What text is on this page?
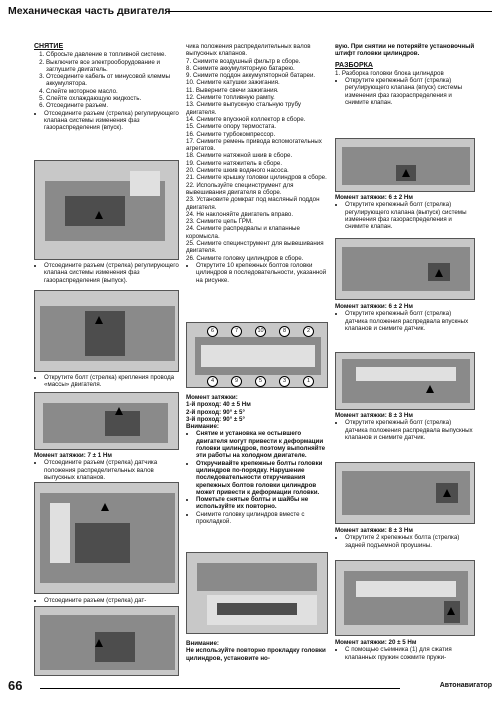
Механическая часть двигателя
СНЯТИЕ
1. Сбросьте давление в топливной системе.
2. Выключите все электрооборудование и заглушите двигатель.
3. Отсоедините кабель от минусовой клеммы аккумулятора.
4. Слейте моторное масло.
5. Слейте охлаждающую жидкость.
6. Отсоедините разъем.
• Отсоедините разъем (стрелка) регулирующего клапана системы изменения фаз газораспределения (впуск).
• Отсоедините разъем (стрелка) регулирующего клапана системы изменения фаз газораспределения (выпуск).
• Открутите болт (стрелка) крепления провода «массы» двигателя.
Момент затяжки: 7 ± 1 Нм
• Отсоедините разъем (стрелка) датчика положения распределительных валов выпускных клапанов.
• Отсоедините разъем (стрелка) дат-
чика положения распределительных валов выпускных клапанов.
7. Снимите воздушный фильтр в сборе.
8. Снимите аккумуляторную батарею.
9. Снимите поддон аккумуляторной батареи.
10. Снимите катушки зажигания.
11. Выверните свечи зажигания.
12. Снимите топливную рампу.
13. Снимите выпускную стальную трубу двигателя.
14. Снимите впускной коллектор в сборе.
15. Снимите опору термостата.
16. Снимите турбокомпрессор.
17. Снимите ремень привода вспомогательных агрегатов.
18. Снимите натяжной шкив в сборе.
19. Снимите натяжитель в сборе.
20. Снимите шкив водяного насоса.
21. Снимите крышку головки цилиндров в сборе.
22. Используйте специнструмент для вывешивания двигателя в сборе.
23. Установите домкрат под масляный поддон двигателя.
24. Не наклоняйте двигатель вправо.
23. Снимите цепь ГРМ.
24. Снимите распредвалы и клапанные коромысла.
25. Снимите специнструмент для вывешивания двигателя.
26. Снимите головку цилиндров в сборе.
• Открутите 10 крепежных болтов головки цилиндров в последовательности, указанной на рисунке.
6	7	10	8	2
4	9	5	3	1
Момент затяжки:
1-й проход: 40 ± 5 Нм
2-й проход: 90° ± 5°
3-й проход: 90° ± 5°
Внимание:
• Снятие и установка не остывшего двигателя могут привести к деформации головки цилиндров, поэтому выполняйте эти работы на холодном двигателе.
• Откручивайте крепежные болты головки цилиндров по-порядку. Нарушение последовательности откручивания крепежных болтов головки цилиндров может привести к деформации головки.
• Пометьте снятые болты и шайбы не используйте их повторно.
• Снимите головку цилиндров вместе с прокладкой.
Внимание:
Не используйте повторно прокладку головки цилиндров, установите но-
вую. При снятии не потеряйте установочный штифт головки цилиндров.
РАЗБОРКА
1. Разборка головки блока цилиндров
• Открутите крепежный болт (стрелка) регулирующего клапана (впуск) системы изменения фаз газораспределения и снимите клапан.
Момент затяжки: 6 ± 2 Нм
• Открутите крепежный болт (стрелка) регулирующего клапана (выпуск) системы изменения фаз газораспределения и снимите клапан.
Момент затяжки: 6 ± 2 Нм
• Открутите крепежный болт (стрелка) датчика положения распредвала впускных клапанов и снимите датчик.
Момент затяжки: 8 ± 3 Нм
• Открутите крепежный болт (стрелка) датчика положения распредвала выпускных клапанов и снимите датчик.
Момент затяжки: 8 ± 3 Нм
• Открутите 2 крепежных болта (стрелка) задней подъемной проушины.
Момент затяжки: 20 ± 5 Нм
• С помощью съемника (1) для сжатия клапанных пружин сожмите пружи-
66	Автонавигатор
